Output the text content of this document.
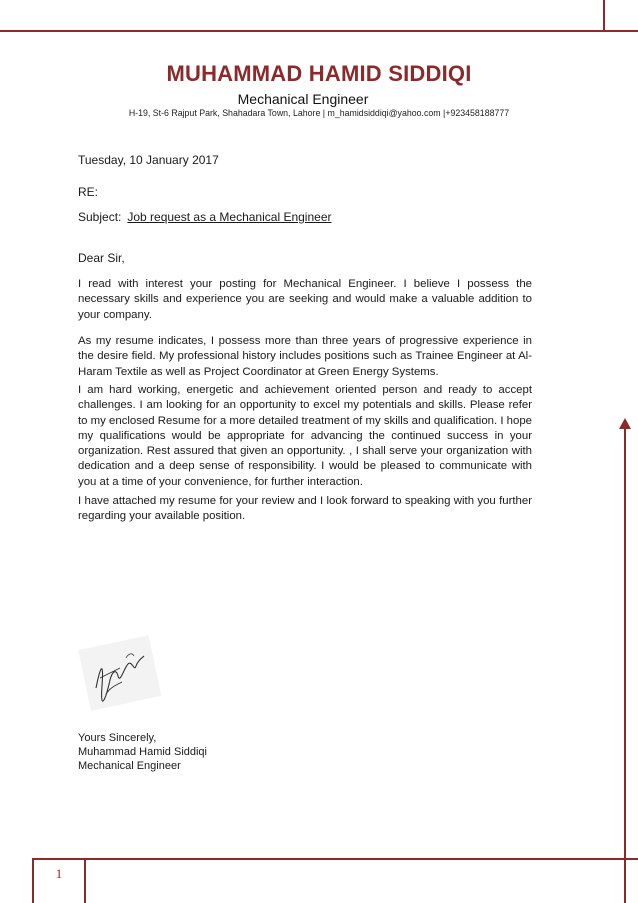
MUHAMMAD HAMID SIDDIQI
Mechanical Engineer
H-19, St-6 Rajput Park, Shahadara Town, Lahore | m_hamidsiddiqi@yahoo.com |+923458188777
Tuesday, 10 January 2017
RE:
Subject: Job request as a Mechanical Engineer
Dear Sir,
I read with interest your posting for Mechanical Engineer. I believe I possess the necessary skills and experience you are seeking and would make a valuable addition to your company.
As my resume indicates, I possess more than three years of progressive experience in the desire field. My professional history includes positions such as Trainee Engineer at Al-Haram Textile as well as Project Coordinator at Green Energy Systems.
I am hard working, energetic and achievement oriented person and ready to accept challenges. I am looking for an opportunity to excel my potentials and skills. Please refer to my enclosed Resume for a more detailed treatment of my skills and qualification. I hope my qualifications would be appropriate for advancing the continued success in your organization. Rest assured that given an opportunity. , I shall serve your organization with dedication and a deep sense of responsibility. I would be pleased to communicate with you at a time of your convenience, for further interaction.
I have attached my resume for your review and I look forward to speaking with you further regarding your available position.
Yours Sincerely,
Muhammad Hamid Siddiqi
Mechanical Engineer
1
